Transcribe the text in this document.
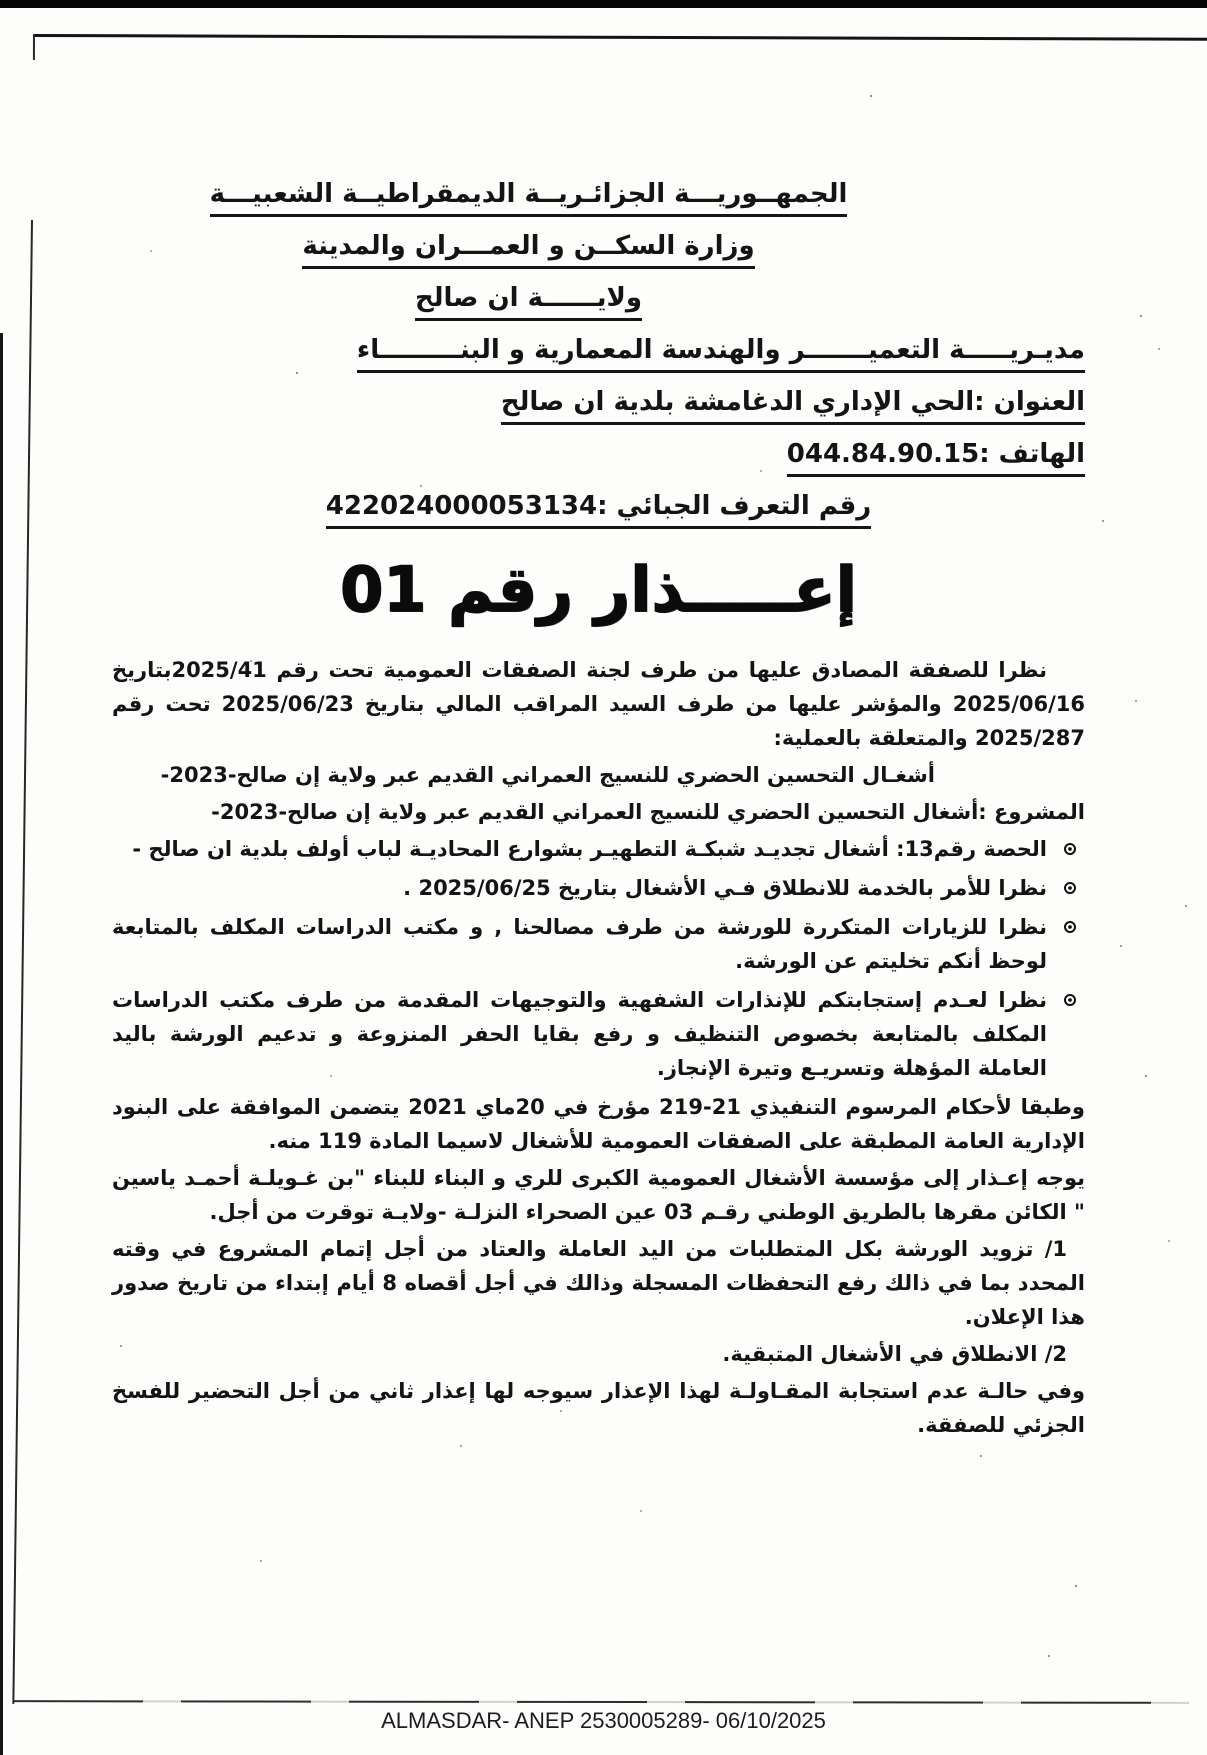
الجمهــوريـــة الجزائـريــة الديمقراطيــة الشعبيـــة
وزارة السكــن و العمـــران والمدينة
ولايــــــة ان صالح
مديـريـــــة التعميـــــــر والهندسة المعمارية و البنـــــــــاء
العنوان :الحي الإداري الدغامشة بلدية ان صالح
الهاتف :044.84.90.15
رقم التعرف الجبائي :422024000053134
إعـــــذار رقم 01

نظرا للصفقة المصادق عليها من طرف لجنة الصفقات العمومية تحت رقم 2025/41بتاريخ 2025/06/16 والمؤشر عليها من طرف السيد المراقب المالي بتاريخ 2025/06/23 تحت رقم 2025/287 والمتعلقة بالعملية:

أشغـال التحسين الحضري للنسيج العمراني القديم عبر ولاية إن صالح-2023-

المشروع :أشغال التحسين الحضري للنسيج العمراني القديم عبر ولاية إن صالح-2023-

الحصة رقم13: أشغال تجديـد شبكـة التطهيـر بشوارع المحاديـة لباب أولف بلدية ان صالح -
نظرا للأمر بالخدمة للانطلاق فـي الأشغال بتاريخ 2025/06/25 .
نظرا للزيارات المتكررة للورشة من طرف مصالحنا , و مكتب الدراسات المكلف بالمتابعة لوحظ أنكم تخليتم عن الورشة.
نظرا لعـدم إستجابتكم للإنذارات الشفهية والتوجيهات المقدمة من طرف مكتب الدراسات المكلف بالمتابعة بخصوص التنظيف و رفع بقايا الحفر المنزوعة و تدعيم الورشة باليد العاملة المؤهلة وتسريـع وتيرة الإنجاز.

وطبقا لأحكام المرسوم التنفيذي 21‏-‏219 مؤرخ في 20ماي 2021 يتضمن الموافقة على البنود الإدارية العامة المطبقة على الصفقات العمومية للأشغال لاسيما المادة 119 منه.

يوجه إعـذار إلى مؤسسة الأشغال العمومية الكبرى للري و البناء للبناء "بن غـويلـة أحمـد ياسين " الكائن مقرها بالطريق الوطني رقـم 03 عين الصحراء النزلـة -ولايـة توقرت من أجل.

1/ تزويد الورشة بكل المتطلبات من اليد العاملة والعتاد من أجل إتمام المشروع في وقته المحدد بما في ذالك رفع التحفظات المسجلة وذالك في أجل أقصاه 8 أيام إبتداء من تاريخ صدور هذا الإعلان.

2/ الانطلاق في الأشغال المتبقية.

وفي حالـة عدم استجابة المقـاولـة لهذا الإعذار سيوجه لها إعذار ثاني من أجل التحضير للفسخ الجزئي للصفقة.

ALMASDAR- ANEP 2530005289- 06/10/2025
